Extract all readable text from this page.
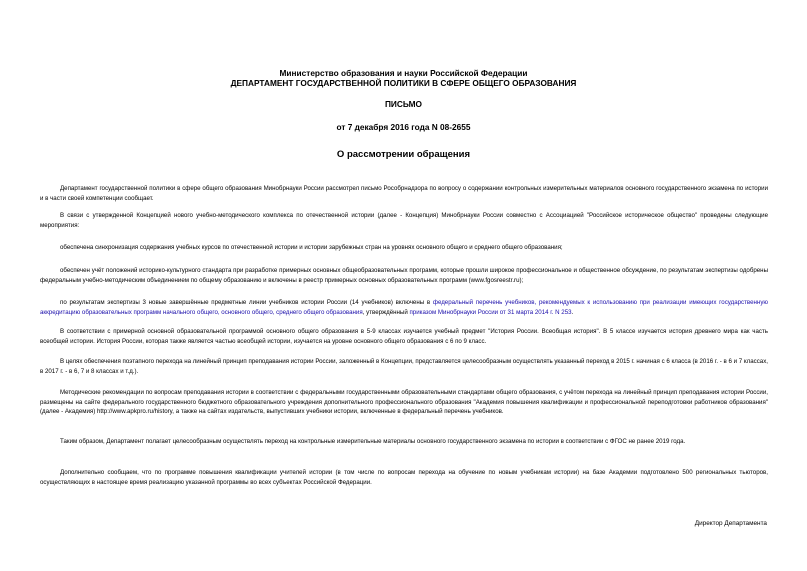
Министерство образования и науки Российской Федерации
ДЕПАРТАМЕНТ ГОСУДАРСТВЕННОЙ ПОЛИТИКИ В СФЕРЕ ОБЩЕГО ОБРАЗОВАНИЯ
ПИСЬМО
от 7 декабря 2016 года N 08-2655
О рассмотрении обращения

Департамент государственной политики в сфере общего образования Минобрнауки России рассмотрел письмо Рособрнадзора по вопросу о содержании контрольных измерительных материалов основного государственного экзамена по истории и в части своей компетенции сообщает.

В связи с утвержденной Концепцией нового учебно-методического комплекса по отечественной истории (далее - Концепция) Минобрнауки России совместно с Ассоциацией "Российское историческое общество" проведены следующие мероприятия:

обеспечена синхронизация содержания учебных курсов по отечественной истории и истории зарубежных стран на уровнях основного общего и среднего общего образования;

обеспечен учёт положений историко-культурного стандарта при разработке примерных основных общеобразовательных программ, которые прошли широкое профессиональное и общественное обсуждение, по результатам экспертизы одобрены федеральным учебно-методическим объединением по общему образованию и включены в реестр примерных основных образовательных программ (www.fgosreestr.ru);

по результатам экспертизы 3 новые завершённые предметные линии учебников истории России (14 учебников) включены в федеральный перечень учебников, рекомендуемых к использованию при реализации имеющих государственную аккредитацию образовательных программ начального общего, основного общего, среднего общего образования, утверждённый приказом Минобрнауки России от 31 марта 2014 г. N 253.

В соответствии с примерной основной образовательной программой основного общего образования в 5-9 классах изучается учебный предмет "История России. Всеобщая история". В 5 классе изучается история древнего мира как часть всеобщей истории. История России, которая также является частью всеобщей истории, изучается на уровне основного общего образования с 6 по 9 класс.

В целях обеспечения поэтапного перехода на линейный принцип преподавания истории России, заложенный в Концепции, представляется целесообразным осуществлять указанный переход в 2015 г. начиная с 6 класса (в 2016 г. - в 6 и 7 классах, в 2017 г. - в 6, 7 и 8 классах и т.д.).

Методические рекомендации по вопросам преподавания истории в соответствии с федеральными государственными образовательными стандартами общего образования, с учётом перехода на линейный принцип преподавания истории России, размещены на сайте федерального государственного бюджетного образовательного учреждения дополнительного профессионального образования "Академия повышения квалификации и профессиональной переподготовки работников образования" (далее - Академия) http://www.apkpro.ru/history, а также на сайтах издательств, выпустивших учебники истории, включенные в федеральный перечень учебников.

Таким образом, Департамент полагает целесообразным осуществлять переход на контрольные измерительные материалы основного государственного экзамена по истории в соответствии с ФГОС не ранее 2019 года.

Дополнительно сообщаем, что по программе повышения квалификации учителей истории (в том числе по вопросам перехода на обучение по новым учебникам истории) на базе Академии подготовлено 500 региональных тьюторов, осуществляющих в настоящее время реализацию указанной программы во всех субъектах Российской Федерации.

Директор Департамента
